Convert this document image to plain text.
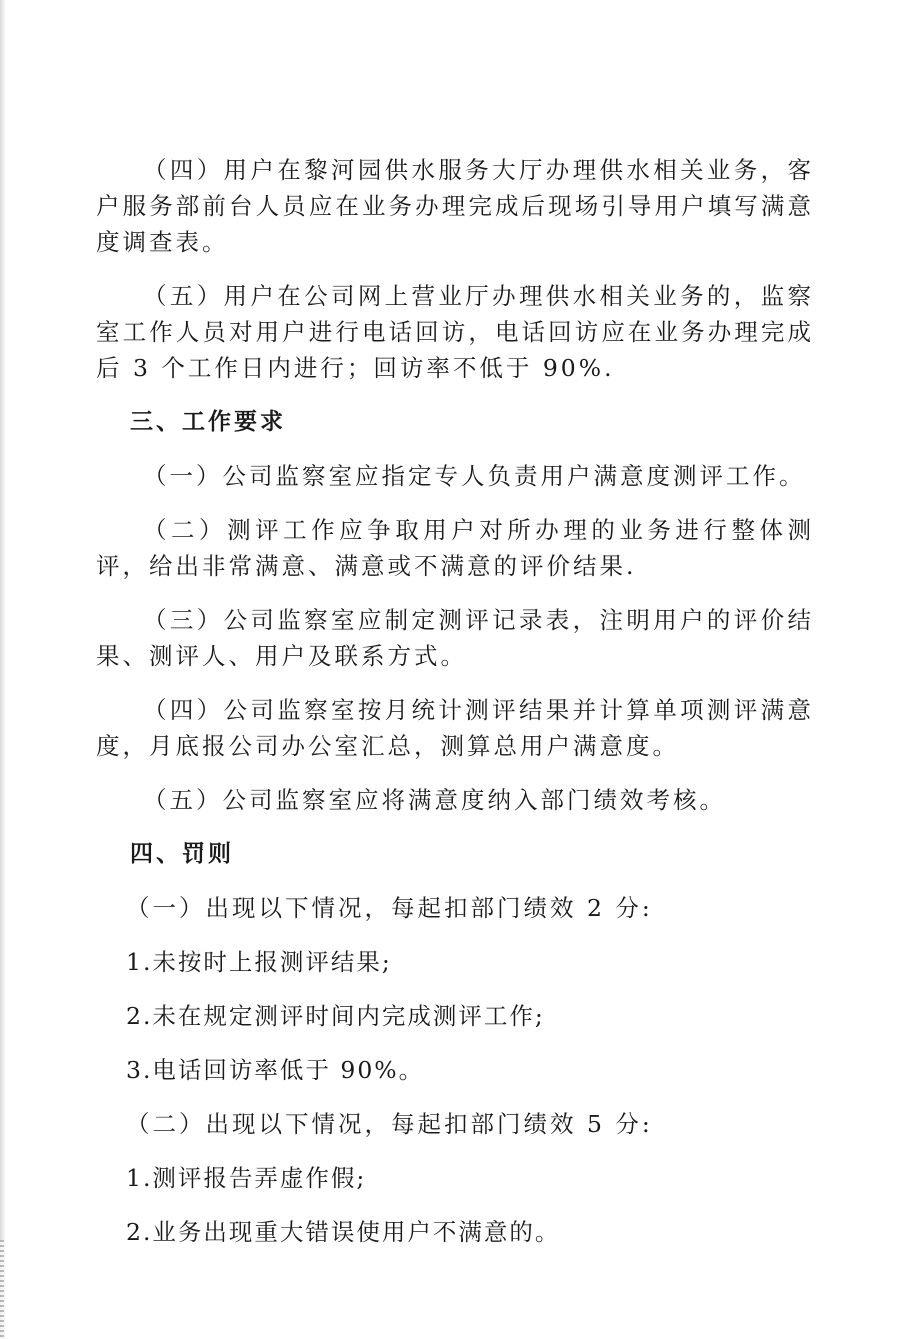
（四）用户在黎河园供水服务大厅办理供水相关业务，客户服务部前台人员应在业务办理完成后现场引导用户填写满意度调查表。

（五）用户在公司网上营业厅办理供水相关业务的，监察室工作人员对用户进行电话回访，电话回访应在业务办理完成后 3 个工作日内进行；回访率不低于 90%.

三、工作要求

（一）公司监察室应指定专人负责用户满意度测评工作。

（二）测评工作应争取用户对所办理的业务进行整体测评，给出非常满意、满意或不满意的评价结果.

（三）公司监察室应制定测评记录表，注明用户的评价结果、测评人、用户及联系方式。

（四）公司监察室按月统计测评结果并计算单项测评满意度，月底报公司办公室汇总，测算总用户满意度。

（五）公司监察室应将满意度纳入部门绩效考核。

四、罚则
（一）出现以下情况，每起扣部门绩效 2 分:
1.未按时上报测评结果;
2.未在规定测评时间内完成测评工作;
3.电话回访率低于 90%。
（二）出现以下情况，每起扣部门绩效 5 分:
1.测评报告弄虚作假;
2.业务出现重大错误使用户不满意的。
